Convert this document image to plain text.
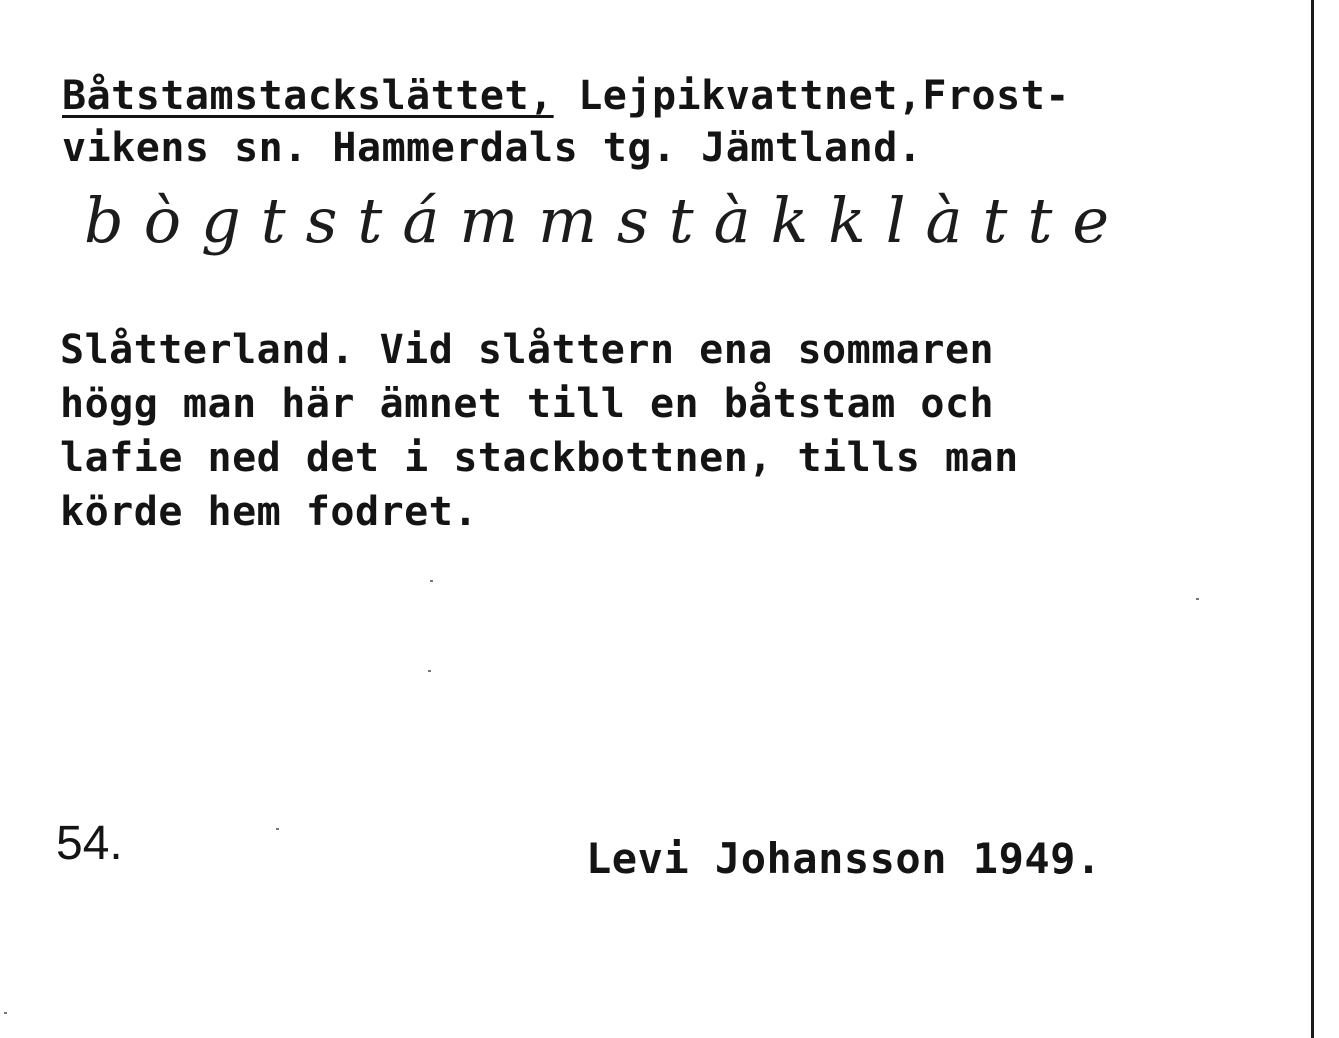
Båtstamstackslättet, Lejpikvattnet,Frost-
vikens sn. Hammerdals tg. Jämtland.
bògtstámmstàkklàtte
Slåtterland. Vid slåttern ena sommaren
högg man här ämnet till en båtstam och
lafie ned det i stackbottnen, tills man
körde hem fodret.
54.	Levi Johansson 1949.
